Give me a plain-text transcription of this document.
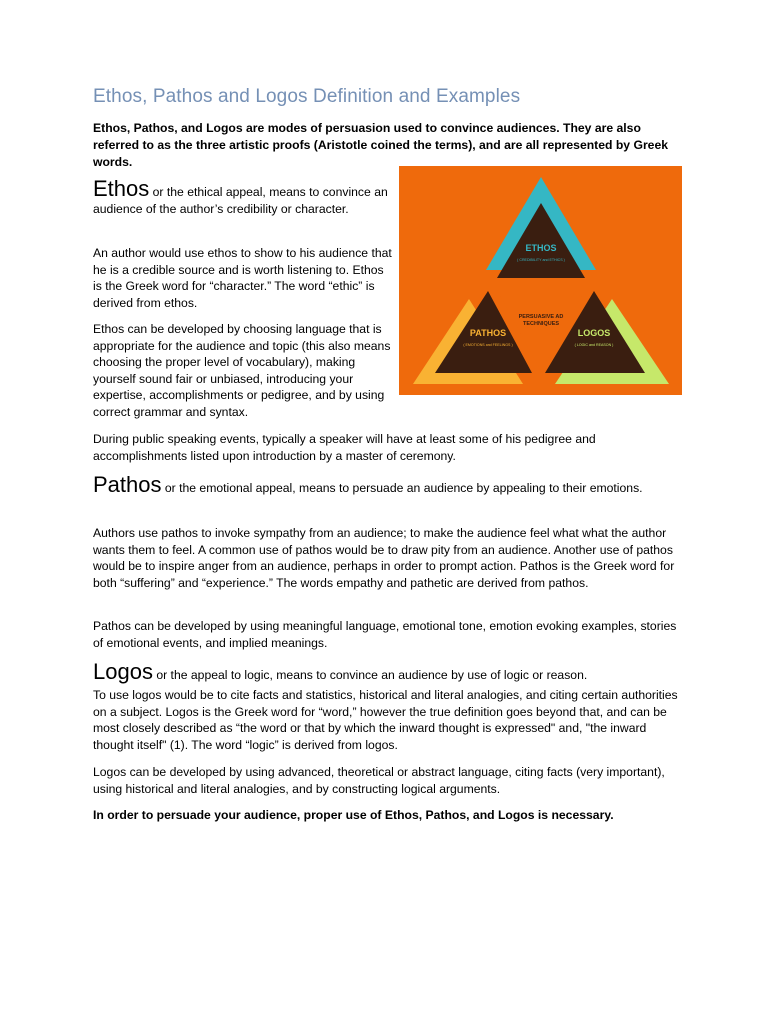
Ethos, Pathos and Logos Definition and Examples

Ethos, Pathos, and Logos are modes of persuasion used to convince audiences. They are also referred to as the three artistic proofs (Aristotle coined the terms), and are all represented by Greek words.

Ethos or the ethical appeal, means to convince an audience of the author’s credibility or character.

An author would use ethos to show to his audience that he is a credible source and is worth listening to. Ethos is the Greek word for “character.” The word “ethic” is derived from ethos.

Ethos can be developed by choosing language that is appropriate for the audience and topic (this also means choosing the proper level of vocabulary), making yourself sound fair or unbiased, introducing your expertise, accomplishments or pedigree, and by using correct grammar and syntax.

During public speaking events, typically a speaker will have at least some of his pedigree and accomplishments listed upon introduction by a master of ceremony.

Pathos or the emotional appeal, means to persuade an audience by appealing to their emotions.

Authors use pathos to invoke sympathy from an audience; to make the audience feel what what the author wants them to feel. A common use of pathos would be to draw pity from an audience. Another use of pathos would be to inspire anger from an audience, perhaps in order to prompt action. Pathos is the Greek word for both “suffering” and “experience.” The words empathy and pathetic are derived from pathos.

Pathos can be developed by using meaningful language, emotional tone, emotion evoking examples, stories of emotional events, and implied meanings.

Logos or the appeal to logic, means to convince an audience by use of logic or reason.

To use logos would be to cite facts and statistics, historical and literal analogies, and citing certain authorities on a subject. Logos is the Greek word for “word,” however the true definition goes beyond that, and can be most closely described as “the word or that by which the inward thought is expressed" and, "the inward thought itself" (1). The word “logic” is derived from logos.

Logos can be developed by using advanced, theoretical or abstract language, citing facts (very important), using historical and literal analogies, and by constructing logical arguments.

In order to persuade your audience, proper use of Ethos, Pathos, and Logos is necessary.

ETHOS
( CREDIBILITY and ETHICS )
PATHOS
( EMOTIONS and FEELINGS )
LOGOS
( LOGIC and REASON )
PERSUASIVE AD
TECHNIQUES
